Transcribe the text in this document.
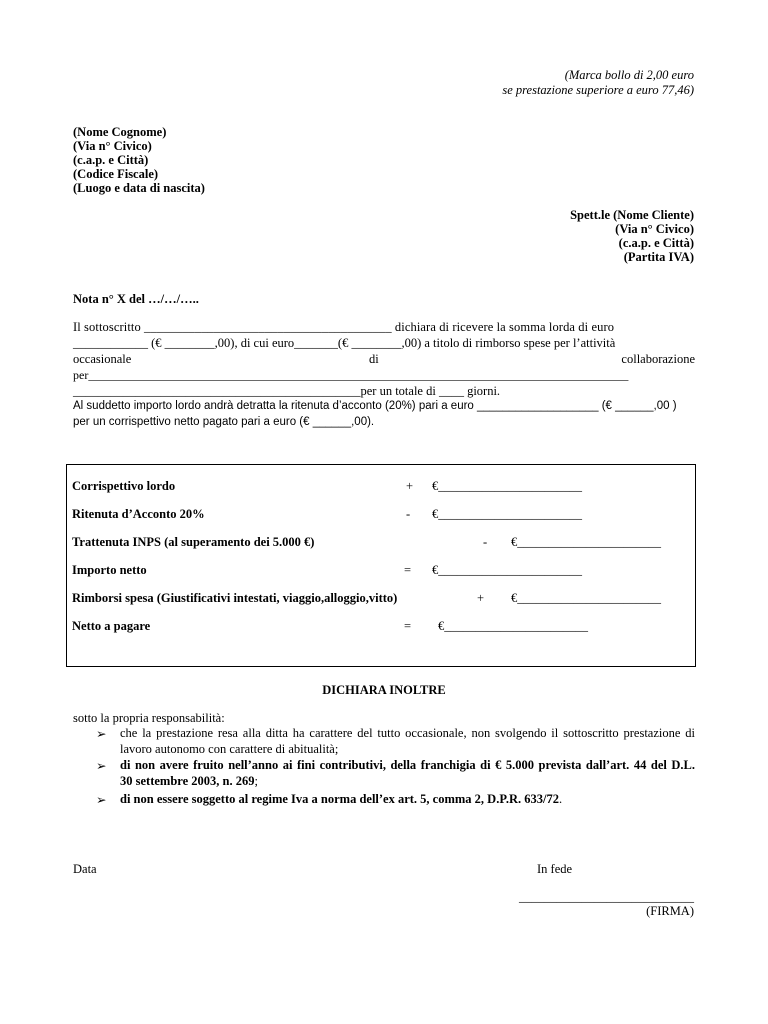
(Marca bollo di 2,00 euro
se prestazione superiore a euro 77,46)
(Nome Cognome)
(Via n° Civico)
(c.a.p. e Città)
(Codice Fiscale)
(Luogo e data di nascita)
Spett.le (Nome Cliente)
(Via n° Civico)
(c.a.p. e Città)
(Partita IVA)
Nota n° X del …/…/…..
Il sottoscritto _______________________________________ dichiara di ricevere la somma lorda di euro
____________ (€ ________,00), di cui euro_______(€ ________,00) a titolo di rimborso spese per l’attività
occasionale	di	collaborazione
per__________________________________________________________________________________________
______________________________________________per un totale di ____ giorni.
Al suddetto importo lordo andrà detratta la ritenuta d’acconto (20%) pari a euro ___________________ (€ ______,00 )
per un corrispettivo netto pagato pari a euro (€ ______,00).
Corrispettivo lordo	+ €_______________________
Ritenuta d’Acconto 20%	- €_______________________
Trattenuta INPS (al superamento dei 5.000 €)	- €_______________________
Importo netto	= €_______________________
Rimborsi spesa (Giustificativi intestati, viaggio,alloggio,vitto)	+ €_______________________
Netto a pagare	= €_______________________
DICHIARA INOLTRE
sotto la propria responsabilità:
➢ che la prestazione resa alla ditta ha carattere del tutto occasionale, non svolgendo il sottoscritto prestazione di
lavoro autonomo con carattere di abitualità;
➢ di non avere fruito nell’anno ai fini contributivi, della franchigia di € 5.000 prevista dall’art. 44 del D.L.
30 settembre 2003, n. 269;
➢ di non essere soggetto al regime Iva a norma dell’ex art. 5, comma 2, D.P.R. 633/72.
Data	In fede
____________________________
(FIRMA)
